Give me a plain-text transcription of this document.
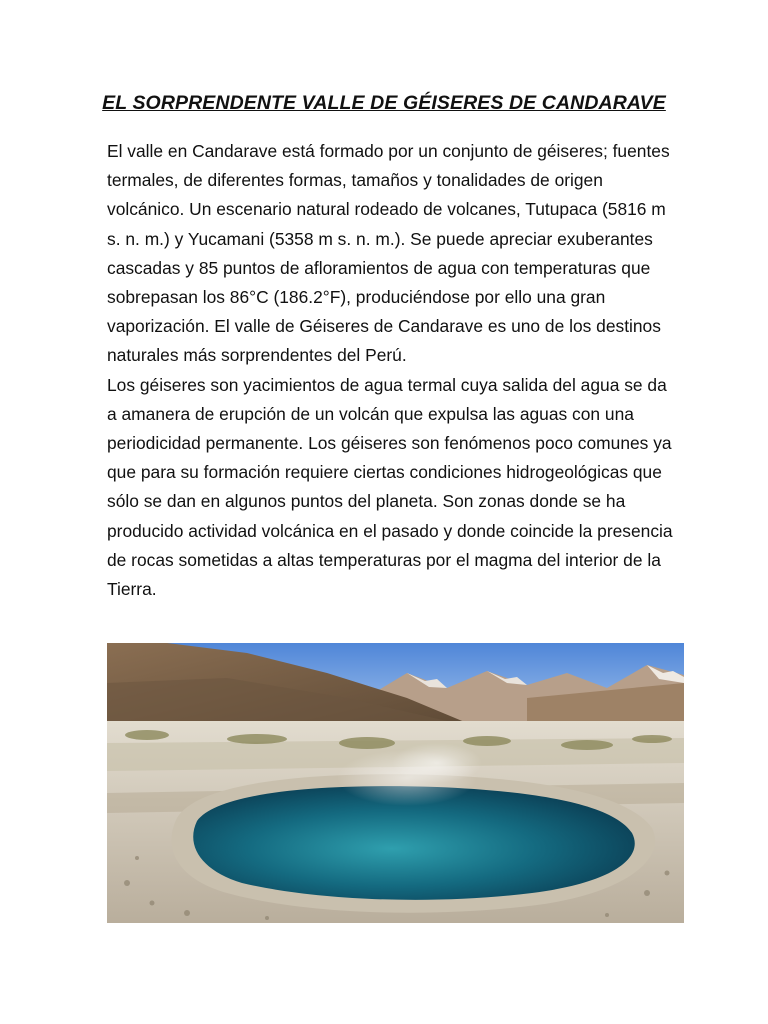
EL SORPRENDENTE VALLE DE GÉISERES DE CANDARAVE

El valle en Candarave está formado por un conjunto de géiseres; fuentes termales, de diferentes formas, tamaños y tonalidades de origen volcánico. Un escenario natural rodeado de volcanes, Tutupaca (5816 m s. n. m.) y Yucamani (5358 m s. n. m.). Se puede apreciar exuberantes cascadas y 85 puntos de afloramientos de agua con temperaturas que sobrepasan los 86°C (186.2°F), produciéndose por ello una gran vaporización. El valle de Géiseres de Candarave es uno de los destinos naturales más sorprendentes del Perú.

Los géiseres son yacimientos de agua termal cuya salida del agua se da a amanera de erupción de un volcán que expulsa las aguas con una periodicidad permanente. Los géiseres son fenómenos poco comunes ya que para su formación requiere ciertas condiciones hidrogeológicas que sólo se dan en algunos puntos del planeta. Son zonas donde se ha producido actividad volcánica en el pasado y donde coincide la presencia de rocas sometidas a altas temperaturas por el magma del interior de la Tierra.
